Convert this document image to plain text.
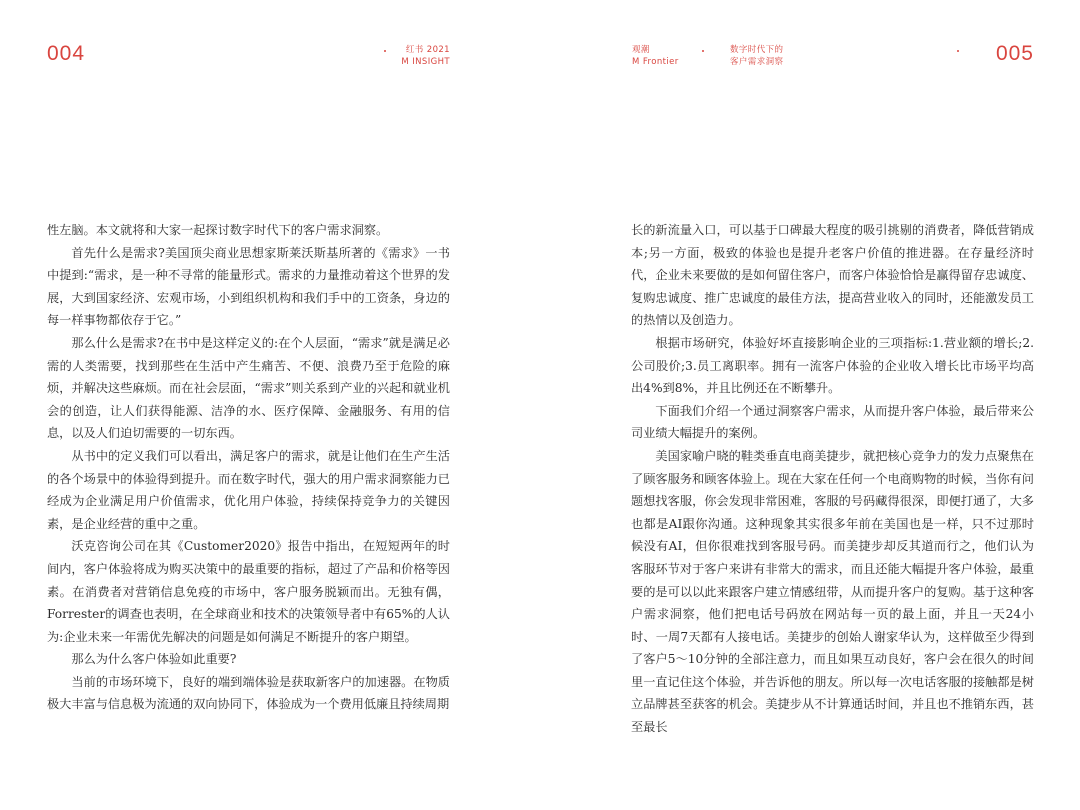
004	红书 2021
M INSIGHT

性左脑。本文就将和大家一起探讨数字时代下的客户需求洞察。

首先什么是需求?美国顶尖商业思想家斯莱沃斯基所著的《需求》一书中提到:“需求，是一种不寻常的能量形式。需求的力量推动着这个世界的发展，大到国家经济、宏观市场，小到组织机构和我们手中的工资条，身边的每一样事物都依存于它。”

那么什么是需求?在书中是这样定义的:在个人层面，“需求”就是满足必需的人类需要，找到那些在生活中产生痛苦、不便、浪费乃至于危险的麻烦，并解决这些麻烦。而在社会层面，“需求”则关系到产业的兴起和就业机会的创造，让人们获得能源、洁净的水、医疗保障、金融服务、有用的信息，以及人们迫切需要的一切东西。

从书中的定义我们可以看出，满足客户的需求，就是让他们在生产生活的各个场景中的体验得到提升。而在数字时代，强大的用户需求洞察能力已经成为企业满足用户价值需求，优化用户体验，持续保持竞争力的关键因素，是企业经营的重中之重。

沃克咨询公司在其《Customer2020》报告中指出，在短短两年的时间内，客户体验将成为购买决策中的最重要的指标，超过了产品和价格等因素。在消费者对营销信息免疫的市场中，客户服务脱颖而出。无独有偶，Forrester的调查也表明，在全球商业和技术的决策领导者中有65%的人认为:企业未来一年需优先解决的问题是如何满足不断提升的客户期望。

那么为什么客户体验如此重要?

当前的市场环境下，良好的端到端体验是获取新客户的加速器。在物质极大丰富与信息极为流通的双向协同下，体验成为一个费用低廉且持续周期

观潮
M Frontier
数字时代下的
客户需求洞察	005

长的新流量入口，可以基于口碑最大程度的吸引挑剔的消费者，降低营销成本;另一方面，极致的体验也是提升老客户价值的推进器。在存量经济时代，企业未来要做的是如何留住客户，而客户体验恰恰是赢得留存忠诚度、复购忠诚度、推广忠诚度的最佳方法，提高营业收入的同时，还能激发员工的热情以及创造力。

根据市场研究，体验好坏直接影响企业的三项指标:1.营业额的增长;2.公司股价;3.员工离职率。拥有一流客户体验的企业收入增长比市场平均高出4%到8%，并且比例还在不断攀升。

下面我们介绍一个通过洞察客户需求，从而提升客户体验，最后带来公司业绩大幅提升的案例。

美国家喻户晓的鞋类垂直电商美捷步，就把核心竞争力的发力点聚焦在了顾客服务和顾客体验上。现在大家在任何一个电商购物的时候，当你有问题想找客服，你会发现非常困难，客服的号码藏得很深，即便打通了，大多也都是AI跟你沟通。这种现象其实很多年前在美国也是一样，只不过那时候没有AI，但你很难找到客服号码。而美捷步却反其道而行之，他们认为客服环节对于客户来讲有非常大的需求，而且还能大幅提升客户体验，最重要的是可以以此来跟客户建立情感纽带，从而提升客户的复购。基于这种客户需求洞察，他们把电话号码放在网站每一页的最上面，并且一天24小时、一周7天都有人接电话。美捷步的创始人谢家华认为，这样做至少得到了客户5～10分钟的全部注意力，而且如果互动良好，客户会在很久的时间里一直记住这个体验，并告诉他的朋友。所以每一次电话客服的接触都是树立品牌甚至获客的机会。美捷步从不计算通话时间，并且也不推销东西，甚至最长
